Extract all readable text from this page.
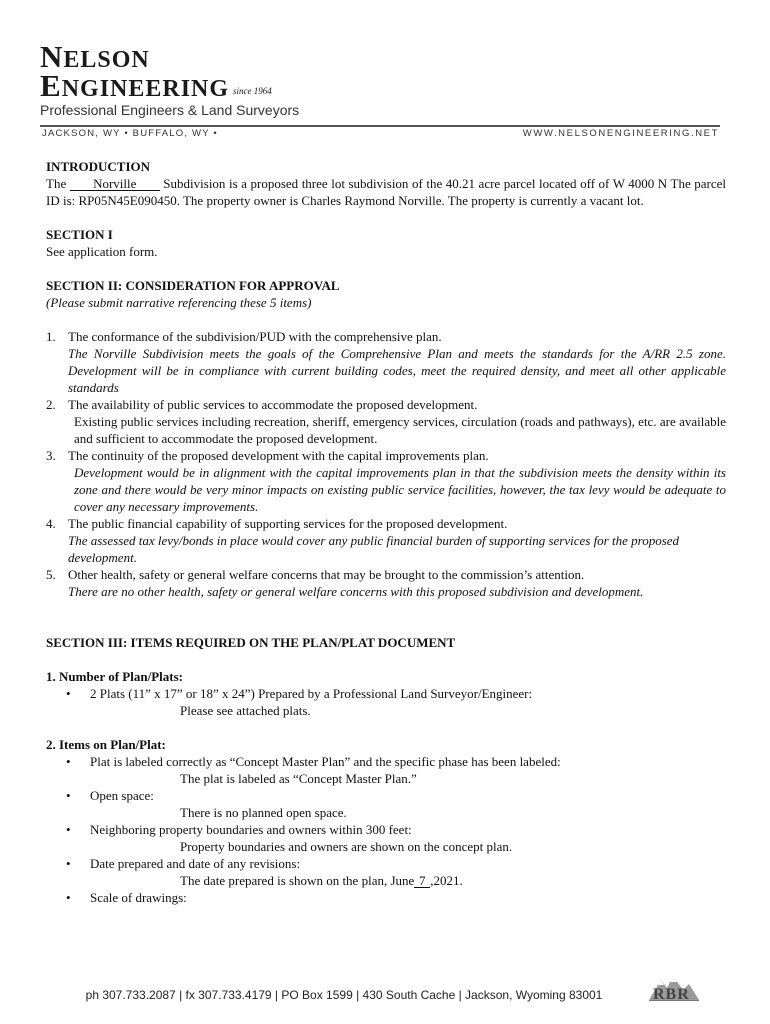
NELSON
ENGINEERING since 1964
Professional Engineers & Land Surveyors
JACKSON, WY • BUFFALO, WY •	WWW.NELSONENGINEERING.NET

INTRODUCTION

The Norville Subdivision is a proposed three lot subdivision of the 40.21 acre parcel located off of W 4000 N The parcel ID is: RP05N45E090450. The property owner is Charles Raymond Norville. The property is currently a vacant lot.

SECTION I

See application form.

SECTION II: CONSIDERATION FOR APPROVAL

(Please submit narrative referencing these 5 items)

1. The conformance of the subdivision/PUD with the comprehensive plan.

The Norville Subdivision meets the goals of the Comprehensive Plan and meets the standards for the A/RR 2.5 zone. Development will be in compliance with current building codes, meet the required density, and meet all other applicable standards

2. The availability of public services to accommodate the proposed development.

Existing public services including recreation, sheriff, emergency services, circulation (roads and pathways), etc. are available and sufficient to accommodate the proposed development.

3. The continuity of the proposed development with the capital improvements plan.

Development would be in alignment with the capital improvements plan in that the subdivision meets the density within its zone and there would be very minor impacts on existing public service facilities, however, the tax levy would be adequate to cover any necessary improvements.

4. The public financial capability of supporting services for the proposed development.

The assessed tax levy/bonds in place would cover any public financial burden of supporting services for the proposed development.

5. Other health, safety or general welfare concerns that may be brought to the commission’s attention.

There are no other health, safety or general welfare concerns with this proposed subdivision and development.

SECTION III: ITEMS REQUIRED ON THE PLAN/PLAT DOCUMENT

1. Number of Plan/Plats:

• 2 Plats (11” x 17” or 18” x 24”) Prepared by a Professional Land Surveyor/Engineer:

Please see attached plats.

2. Items on Plan/Plat:

• Plat is labeled correctly as “Concept Master Plan” and the specific phase has been labeled:

The plat is labeled as “Concept Master Plan.”

• Open space:

There is no planned open space.

• Neighboring property boundaries and owners within 300 feet:

Property boundaries and owners are shown on the concept plan.

• Date prepared and date of any revisions:

The date prepared is shown on the plan, June 7 ,2021.

• Scale of drawings:

ph 307.733.2087 | fx 307.733.4179 | PO Box 1599 | 430 South Cache | Jackson, Wyoming 83001	RBR
